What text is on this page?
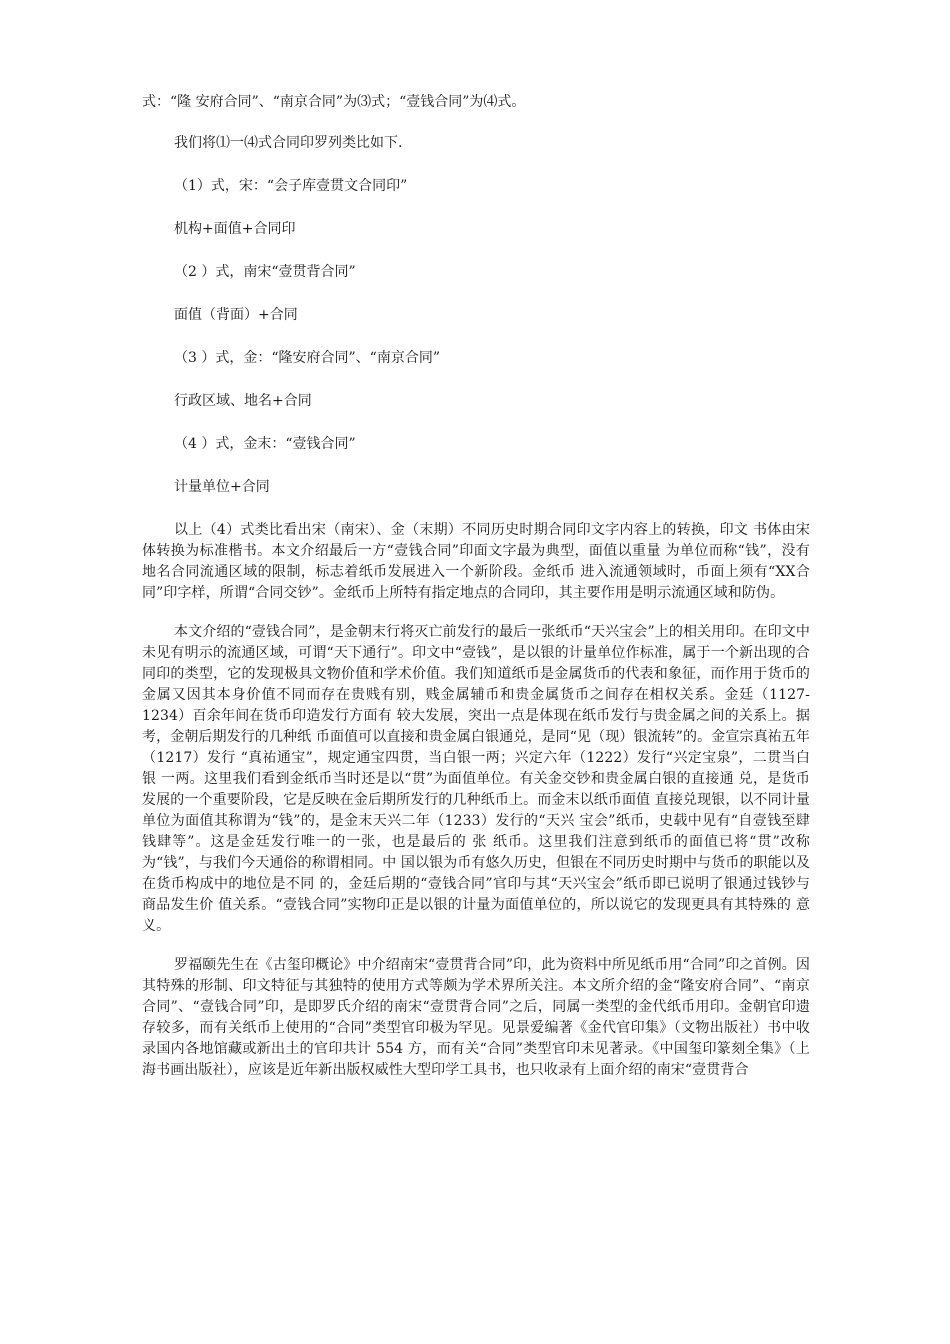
式：“隆 安府合同”、“南京合同”为⑶式；“壹钱合同”为⑷式。

我们将⑴一⑷式合同印罗列类比如下.

（1）式，宋：“会子库壹贯文合同印”

机构+面值+合同印

（2 ）式，南宋“壹贯背合同”

面值（背面）+合同

（3 ）式，金：“隆安府合同”、“南京合同”

行政区域、地名+合同

（4 ）式，金末：“壹钱合同”

计量单位+合同

以上（4）式类比看出宋（南宋）、金（末期）不同历史时期合同印文字内容上的转换，印文 书体由宋体转换为标准楷书。本文介绍最后一方“壹钱合同”印面文字最为典型，面值以重量 为单位而称“钱”，没有地名合同流通区域的限制，标志着纸币发展进入一个新阶段。金纸币 进入流通领域时，币面上须有“XX合同”印字样，所谓“合同交钞”。金纸币上所特有指定地点的合同印，其主要作用是明示流通区域和防伪。

本文介绍的“壹钱合同”，是金朝末行将灭亡前发行的最后一张纸币“天兴宝会”上的相关用印。在印文中未见有明示的流通区域，可谓“天下通行”。印文中“壹钱”，是以银的计量单位作标准，属于一个新出现的合同印的类型，它的发现极具文物价值和学术价值。我们知道纸币是金属货币的代表和象征，而作用于货币的金属又因其本身价值不同而存在贵贱有别，贱金属辅币和贵金属货币之间存在相权关系。金廷（1127-1234）百余年间在货币印造发行方面有 较大发展，突出一点是体现在纸币发行与贵金属之间的关系上。据考，金朝后期发行的几种纸 币面值可以直接和贵金属白银通兑，是同“见（现）银流转”的。金宣宗真祐五年（1217）发行 “真祐通宝”，规定通宝四贯，当白银一两；兴定六年（1222）发行“兴定宝泉”，二贯当白银 一两。这里我们看到金纸币当时还是以“贯”为面值单位。有关金交钞和贵金属白银的直接通 兑，是货币发展的一个重要阶段，它是反映在金后期所发行的几种纸币上。而金末以纸币面值 直接兑现银，以不同计量单位为面值其称谓为“钱”的，是金末天兴二年（1233）发行的“天兴 宝会”纸币，史载中见有“自壹钱至肆钱肆等”。这是金廷发行唯一的一张，也是最后的 张 纸币。这里我们注意到纸币的面值已将“贯”改称为“钱”，与我们今天通俗的称谓相同。中 国以银为币有悠久历史，但银在不同历史时期中与货币的职能以及在货币构成中的地位是不同 的，金廷后期的“壹钱合同”官印与其“天兴宝会”纸币即已说明了银通过钱钞与商品发生价 值关系。“壹钱合同”实物印正是以银的计量为面值单位的，所以说它的发现更具有其特殊的 意义。

罗福颐先生在《古玺印概论》中介绍南宋“壹贯背合同”印，此为资料中所见纸币用“合同”印之首例。因其特殊的形制、印文特征与其独特的使用方式等颇为学术界所关注。本文所介绍的金“隆安府合同”、“南京合同”、“壹钱合同”印，是即罗氏介绍的南宋“壹贯背合同”之后，同属一类型的金代纸币用印。金朝官印遗存较多，而有关纸币上使用的“合同”类型官印极为罕见。见景爱编著《金代官印集》（文物出版社）书中收录国内各地馆藏或新出土的官印共计 554 方，而有关“合同”类型官印未见著录。《中国玺印篆刻全集》（上海书画出版社），应该是近年新出版权威性大型印学工具书，也只收录有上面介绍的南宋“壹贯背合
